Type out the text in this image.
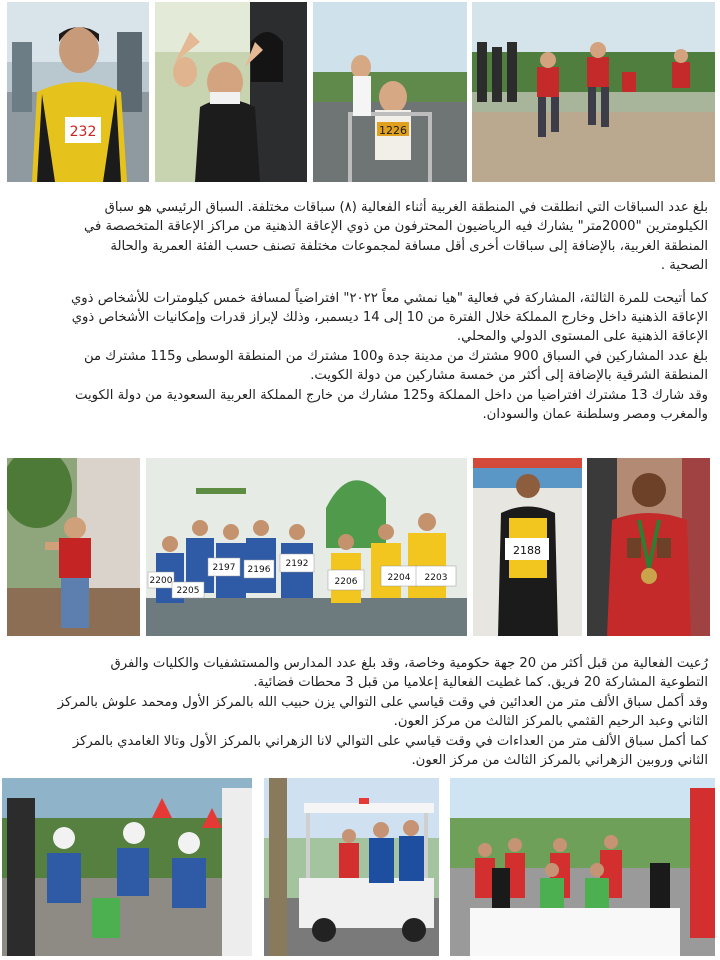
232	1226

بلغ عدد السباقات التي انطلقت في المنطقة الغربية أثناء الفعالية (٨) سباقات مختلفة. السباق الرئيسي هو سباق
الكيلومترين "2000متر" يشارك فيه الرياضيون المحترفون من ذوي الإعاقة الذهنية من مراكز الإعاقة المتخصصة في
المنطقة الغربية، بالإضافة إلى سباقات أخرى أقل مسافة لمجموعات مختلفة تصنف حسب الفئة العمرية والحالة
الصحية .

كما أتيحت للمرة الثالثة، المشاركة في فعالية "هيا نمشي معاً ٢٠٢٢" افتراضياً لمسافة خمس كيلومترات للأشخاص ذوي
الإعاقة الذهنية داخل وخارج المملكة خلال الفترة من 10 إلى 14 ديسمبر، وذلك لإبراز قدرات وإمكانيات الأشخاص ذوي
الإعاقة الذهنية على المستوى الدولي والمحلي.
بلغ عدد المشاركين في السباق 900 مشترك من مدينة جدة و100 مشترك من المنطقة الوسطى و115 مشترك من
المنطقة الشرقية بالإضافة إلى أكثر من خمسة مشاركين من دولة الكويت.
وقد شارك 13 مشترك افتراضيا من داخل المملكة و125 مشارك من خارج المملكة العربية السعودية من دولة الكويت
والمغرب ومصر وسلطنة عمان والسودان.

2200
2205
2197 2196
2192
2206	2204 2203
2188

رُعيت الفعالية من قبل أكثر من 20 جهة حكومية وخاصة، وقد بلغ عدد المدارس والمستشفيات والكليات والفرق
التطوعية المشاركة 20 فريق. كما غطيت الفعالية إعلاميا من قبل 3 محطات فضائية.
وقد أكمل سباق الألف متر من العدائين في وقت قياسي على التوالي يزن حبيب الله بالمركز الأول ومحمد علوش بالمركز
الثاني وعبد الرحيم القثمي بالمركز الثالث من مركز العون.
كما أكمل سباق الألف متر من العداءات في وقت قياسي على التوالي لانا الزهراني بالمركز الأول وتالا الغامدي بالمركز
الثاني وروبين الزهراني بالمركز الثالث من مركز العون.
